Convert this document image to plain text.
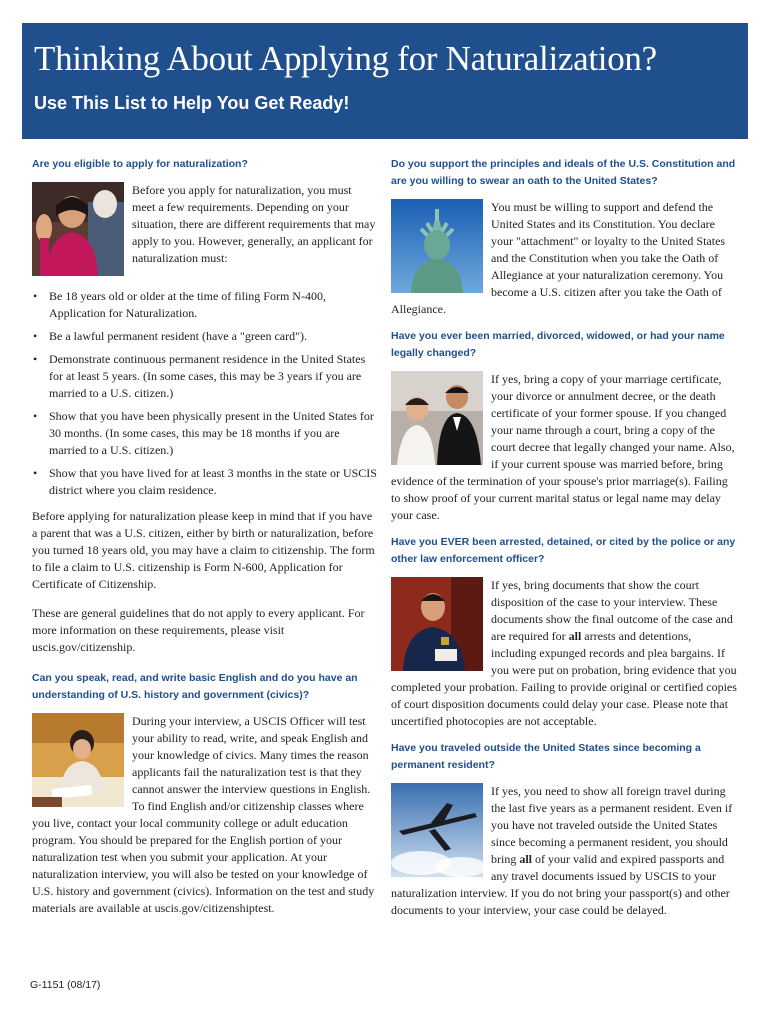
Thinking About Applying for Naturalization?
Use This List to Help You Get Ready!

Are you eligible to apply for naturalization?

Before you apply for naturalization, you must meet a few requirements. Depending on your situation, there are different requirements that may apply to you. However, generally, an applicant for naturalization must:

• Be 18 years old or older at the time of filing Form N-400, Application for Naturalization.
• Be a lawful permanent resident (have a "green card").
• Demonstrate continuous permanent residence in the United States for at least 5 years. (In some cases, this may be 3 years if you are married to a U.S. citizen.)
• Show that you have been physically present in the United States for 30 months. (In some cases, this may be 18 months if you are married to a U.S. citizen.)
• Show that you have lived for at least 3 months in the state or USCIS district where you claim residence.

Before applying for naturalization please keep in mind that if you have a parent that was a U.S. citizen, either by birth or naturalization, before you turned 18 years old, you may have a claim to citizenship. The form to file a claim to U.S. citizenship is Form N-600, Application for Certificate of Citizenship.

These are general guidelines that do not apply to every applicant. For more information on these requirements, please visit uscis.gov/citizenship.

Can you speak, read, and write basic English and do you have an understanding of U.S. history and government (civics)?

During your interview, a USCIS Officer will test your ability to read, write, and speak English and your knowledge of civics. Many times the reason applicants fail the naturalization test is that they cannot answer the interview questions in English. To find English and/or citizenship classes where you live, contact your local community college or adult education program. You should be prepared for the English portion of your naturalization test when you submit your application. At your naturalization interview, you will also be tested on your knowledge of U.S. history and government (civics). Information on the test and study materials are available at uscis.gov/citizenshiptest.

Do you support the principles and ideals of the U.S. Constitution and are you willing to swear an oath to the United States?

You must be willing to support and defend the United States and its Constitution. You declare your "attachment" or loyalty to the United States and the Constitution when you take the Oath of Allegiance at your naturalization ceremony. You become a U.S. citizen after you take the Oath of Allegiance.

Have you ever been married, divorced, widowed, or had your name legally changed?

If yes, bring a copy of your marriage certificate, your divorce or annulment decree, or the death certificate of your former spouse. If you changed your name through a court, bring a copy of the court decree that legally changed your name. Also, if your current spouse was married before, bring evidence of the termination of your spouse's prior marriage(s). Failing to show proof of your current marital status or legal name may delay your case.

Have you EVER been arrested, detained, or cited by the police or any other law enforcement officer?

If yes, bring documents that show the court disposition of the case to your interview. These documents show the final outcome of the case and are required for all arrests and detentions, including expunged records and plea bargains. If you were put on probation, bring evidence that you completed your probation. Failing to provide original or certified copies of court disposition documents could delay your case. Please note that uncertified photocopies are not acceptable.

Have you traveled outside the United States since becoming a permanent resident?

If yes, you need to show all foreign travel during the last five years as a permanent resident. Even if you have not traveled outside the United States since becoming a permanent resident, you should bring all of your valid and expired passports and any travel documents issued by USCIS to your naturalization interview. If you do not bring your passport(s) and other documents to your interview, your case could be delayed.

G-1151 (08/17)
